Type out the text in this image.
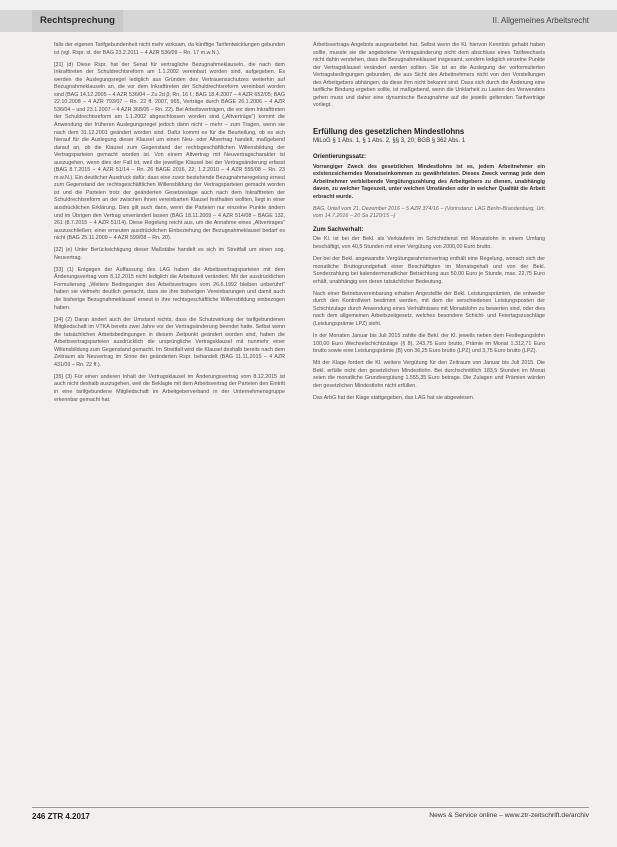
Rechtsprechung	II. Allgemeines Arbeitsrecht

falls der eigenen Tarifgebundenheit nicht mehr wirksam, da künftige Tarifentwicklungen gebunden ist (vgl. Rspr. st. der BAG 23.2.2011 – 4 AZR 536/09 – Rn. 17 m.w.N.).

[31] (d) Diese Rspr. hat der Senat für vertragliche Bezugnahmeklauseln, die nach dem Inkrafttreten der Schuldrechtsreform am 1.1.2002 vereinbart worden sind, aufgegeben. Es werden die Auslegungsregel lediglich aus Gründen des Vertrauensschutzes weiterhin auf Bezugnahmeklauseln an, die vor dem Inkrafttreten der Schuldrechtsreform vereinbart worden sind (BAG 14.12.2005 – 4 AZR 536/04 – Zu 2d β; Rn. 16 f.; BAG 18.4.2007 – 4 AZR 652/05; BAG 22.10.2008 – 4 AZR 793/07 – Rn. 22 ff. 2007, 965, Verträge durch BAGE 26.1.2006 – 4 AZR 536/04 – und 23.1.2007 – 4 AZR 368/05 – Rn. 22). Bei Arbeitsverträgen, die vor dem Inkrafttreten der Schuldrechtsreform am 1.1.2002 abgeschlossen worden sind („Altverträge“) kommt die Anwendung der früheren Auslegungsregel jedoch dann nicht – mehr – zum Tragen, wenn sie nach dem 31.12.2001 geändert worden sind. Dafür kommt es für die Beurteilung, ob es sich hierauf für die Auslegung dieser Klausel um einen Neu- oder Altvertrag handelt, maßgebend darauf an, ob die Klausel zum Gegenstand der rechtsgeschäftlichen Willensbildung der Vertragsparteien gemacht worden ist. Von einem Altvertrag mit Neuvertragscharakter ist auszugehen, wenn dies der Fall ist, weil die jeweilige Klausel bei der Vertragsänderung erfasst (BAG 8.7.2015 – 4 AZR 51/14 – Rn. 26 BAGE 2016, 22; 1.2.2010 – 4 AZR 555/08 – Rn. 23 m.w.N.). Ein deutlicher Ausdruck dafür, dass eine zuvor bestehende Bezugnahmeregelung erneut zum Gegenstand der rechtsgeschäftlichen Willensbildung der Vertragsparteien gemacht worden ist und die Parteien trotz der geänderten Gesetzeslage auch nach dem Inkrafttreten der Schuldrechtsreform an der zwischen ihnen vereinbarten Klausel festhalten wollten, liegt in einer ausdrücklichen Erklärung. Dies gilt auch dann, wenn die Parteien nur einzelne Punkte ändern und im Übrigen den Vertrag unverändert lassen (BAG 18.11.2009 – 4 AZR 514/08 – BAGE 132, 261 (8.7.2015 – 4 AZR 51/14). Diese Regelung reicht aus, um die Annahme eines „Altvertrages“ auszuschließen; einer erneuten ausdrücklichen Einbeziehung der Bezugnahmeklausel bedarf es nicht (BAG 25.11.2009 – 4 AZR 599/08 – Rn. 20).

[32] (e) Unter Berücksichtigung dieser Maßstäbe handelt es sich im Streitfall um einen sog. Neuvertrag.

[33] (1) Entgegen der Auffassung des LAG haben die Arbeitsvertragsparteien mit dem Änderungsvertrag vom 8.12.2015 nicht lediglich die Arbeitszeit verändert. Mit der ausdrücklichen Formulierung „Weitere Bedingungen des Arbeitsvertrages vom 26.6.1992 bleiben unberührt“ haben sie vielmehr deutlich gemacht, dass sie ihre bisherigen Vereinbarungen und damit auch die bisherige Bezugnahmeklausel erneut in ihre rechtsgeschäftliche Willensbildung einbezogen haben.

[34] (2) Daran ändert auch der Umstand nichts, dass die Schutzwirkung der tarifgebundenen Mitgliedschaft im VTKA bereits zwei Jahre vor der Vertragsänderung beendet hatte. Selbst wenn die tatsächlichen Arbeitsbedingungen in diesem Zeitpunkt geändert worden sind, haben die Arbeitsvertragsparteien ausdrücklich die ursprüngliche Vertragsklausel mit nunmehr einer Willensbildung zum Gegenstand gemacht. Im Streitfall wird die Klausel deshalb bereits nach dem Zeitraum als Neuvertrag im Sinne der geänderten Rspr. behandelt (BAG 11.11.2015 – 4 AZR 431/09 – Rn. 22 ff.).

[35] (3) Für einen anderen Inhalt der Vertragsklausel im Änderungsvertrag vom 8.12.2015 ist auch nicht deshalb auszugehen, weil die Beklagte mit dem Arbeitsvertrag der Parteien den Eintritt in eine tarifgebundene Mitgliedschaft im Arbeitgeberverband in der Unternehmensgruppe erkennbar gemacht hat.

Arbeitsvertrags-Angebots ausgearbeitet hat. Selbst wenn die Kl. hiervon Kenntnis gehabt haben sollte, musste sie die angebotene Vertragsänderung nicht dem abschluss eines Tarifwechsels nicht dahin verstehen, dass die Bezugnahmeklausel insgesamt, sondern lediglich einzelne Punkte der Vertragsklausel verändert werden sollten. Sie ist an die Auslegung der vorformulierten Vertragsbedingungen gebunden, die aus Sicht des Arbeitnehmers nicht von den Vorstellungen des Arbeitgebers abhängen, da diese ihm nicht bekannt sind. Dass sich durch die Änderung eine tarifliche Bindung ergeben sollte, ist maßgebend, wenn die Unklarheit zu Lasten des Verwenders gehen muss und daher eine dynamische Bezugnahme auf die jeweils geltenden Tarifverträge vorliegt.

Erfüllung des gesetzlichen Mindestlohns
MiLoG § 1 Abs. 1, § 1 Abs. 2, §§ 3, 20; BGB § 362 Abs. 1
Orientierungssatz:

Vorrangiger Zweck des gesetzlichen Mindestlohns ist es, jedem Arbeitnehmer ein existenzsicherndes Monatseinkommen zu gewährleisten. Dieses Zweck vermag jede dem Arbeitnehmer verbleibende Vergütungszahlung des Arbeitgebers zu dienen, unabhängig davon, zu welcher Tageszeit, unter welchen Umständen oder in welcher Qualität die Arbeit erbracht wurde.

BAG, Urteil vom 21. Dezember 2016 – 5 AZR 374/16 – (Vorinstanz: LAG Berlin-Brandenburg, Urt. vom 14.7.2016 – 20 Sa 2120/15 –)

Zum Sachverhalt:

Die Kl. ist bei der Bekl. als Verkäuferin im Schichtdienst mit Monatslohn in einem Umfang beschäftigt, von 40,5 Stunden mit einer Vergütung von 2000,00 Euro brutto.

Der bei der Bekl. angewandte Vergütungsrahmenvertrag enthält eine Regelung, wonach sich der monatliche Bruttogrundgehalt einer Beschäftigten im Monatsgehalt und von der Bekl. Sonderzahlung bei kalendermonatlicher Betrachtung aus 50,00 Euro je Stunde, max. 22,75 Euro erhält, unabhängig von deren tatsächlicher Bedeutung.

Nach einer Betriebsvereinbarung erhalten Angestellte der Bekl. Leistungsprämien, die entweder durch den Kontrollwert bestimmt werden, mit dem die verschiedenen Leistungsposten der Schichtzulage durch Anwendung eines Verhältnisses mit Monatslohn zu bewerten sind, oder dies nach dem allgemeinen Arbeitszeitgesetz, welches besondere Schicht- und Feiertagszuschläge (Leistungsprämie LPZ) sieht.

In der Monaten Januar bis Juli 2015 zahlte die Bekl. der Kl. jeweils neben dem Festlegungslohn 100,00 Euro Wechselschichtzulage (§ 8), 243,75 Euro brutto, Prämie im Monat 1.312,71 Euro brutto sowie eine Leistungsprämie (B) von 36,25 Euro brutto (LPZ) und 3,75 Euro brutto (LPZ).

Mit der Klage fordert die Kl. weitere Vergütung für den Zeitraum von Januar bis Juli 2015. Die Bekl. erfülle nicht den gesetzlichen Mindestlohn. Bei durchschnittlich 183,5 Stunden im Monat seien die monatliche Grundvergütung 1.555,35 Euro betrage. Die Zulagen und Prämien würden den gesetzlichen Mindestlohn nicht erfüllen.

Das ArbG hat der Klage stattgegeben, das LAG hat sie abgewiesen.

246 ZTR 4.2017	News & Service online – www.ztr-zeitschrift.de/archiv
